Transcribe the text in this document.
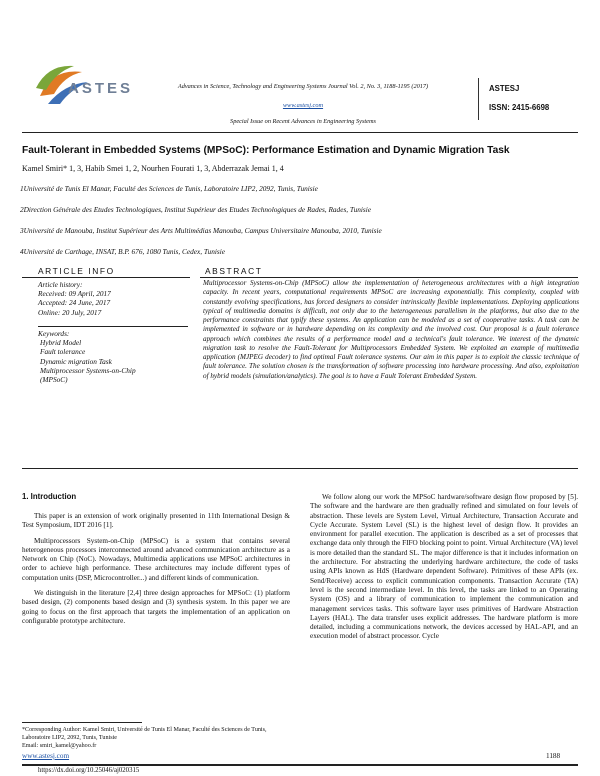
ASTES	Advances in Science, Technology and Engineering Systems Journal Vol. 2, No. 3, 1188-1195 (2017)
www.astesj.com
Special Issue on Recent Advances in Engineering Systems
ASTESJ
ISSN: 2415-6698
Fault-Tolerant in Embedded Systems (MPSoC): Performance Estimation and Dynamic Migration Task
Kamel Smiri* 1, 3, Habib Smei 1, 2, Nourhen Fourati 1, 3, Abderrazak Jemai 1, 4
1Université de Tunis El Manar, Faculté des Sciences de Tunis, Laboratoire LIP2, 2092, Tunis, Tunisie
2Direction Générale des Etudes Technologiques, Institut Supérieur des Etudes Technologiques de Rades, Rades, Tunisie
3Université de Manouba, Institut Supérieur des Arts Multimédias Manouba, Campus Universitaire Manouba, 2010, Tunisie
4Université de Carthage, INSAT, B.P. 676, 1080 Tunis, Cedex, Tunisie
ARTICLE INFO	ABSTRACT
Article history:
Received: 09 April, 2017
Accepted: 24 June, 2017
Online: 20 July, 2017
Keywords:
Hybrid Model
Fault tolerance
Dynamic migration Task
Multiprocessor Systems-on-Chip
(MPSoC)
Multiprocessor Systems-on-Chip (MPSoC) allow the implementation of heterogeneous architectures with a high integration capacity. In recent years, computational requirements MPSoC are increasing exponentially. This complexity, coupled with constantly evolving specifications, has forced designers to consider intrinsically flexible implementations. Deploying applications typical of multimedia domains is difficult, not only due to the heterogeneous parallelism in the platforms, but also due to the performance constraints that typify these systems. An application can be modeled as a set of cooperative tasks. A task can be implemented in software or in hardware depending on its complexity and the involved cost. Our proposal is a fault tolerance approach which combines the results of a performance model and a technical's fault tolerance. We interest of the dynamic migration task to resolve the Fault-Tolerant for Multiprocessors Embedded System. We exploited an example of multimedia application (MJPEG decoder) to find optimal Fault tolerance systems. Our aim in this paper is to exploit the classic technique of fault tolerance. The solution chosen is the transformation of software processing into hardware processing. And also, exploitation of hybrid models (simulation/analytics). The goal is to have a Fault Tolerant Embedded System.
1. Introduction

This paper is an extension of work originally presented in 11th International Design & Test Symposium, IDT 2016 [1].

Multiprocessors System-on-Chip (MPSoC) is a system that contains several heterogeneous processors interconnected around advanced communication architecture as a Network on Chip (NoC). Nowadays, Multimedia applications use MPSoC architectures in order to achieve high performance. These architectures may include different types of computation units (DSP, Microcontroller...) and different kinds of communication.

We distinguish in the literature [2,4] three design approaches for MPSoC: (1) platform based design, (2) components based design and (3) synthesis system. In this paper we are going to focus on the first approach that targets the implementation of an application on configurable prototype architecture.

We follow along our work the MPSoC hardware/software design flow proposed by [5]. The software and the hardware are then gradually refined and simulated on four levels of abstraction. These levels are System Level, Virtual Architecture, Transaction Accurate and Cycle Accurate. System Level (SL) is the highest level of design flow. It provides an environment for parallel execution. The application is described as a set of processes that exchange data only through the FIFO blocking point to point. Virtual Architecture (VA) level is more detailed than the standard SL. The major difference is that it includes information on the architecture. For abstracting the underlying hardware architecture, the code of tasks using APIs known as HdS (Hardware dependent Software). Primitives of these APIs (ex. Send/Receive) access to explicit communication components. Transaction Accurate (TA) level is the second intermediate level. In this level, the tasks are linked to an Operating System (OS) and a library of communication to implement the communication and management services tasks. This software layer uses primitives of Hardware Abstraction Layers (HAL). The data transfer uses explicit addresses. The hardware platform is more detailed, including a communications network, the devices accessed by HAL-API, and an execution model of abstract processor. Cycle

*Corresponding Author: Kamel Smiri, Université de Tunis El Manar, Faculté des Sciences de Tunis, Laboratoire LIP2, 2092, Tunis, Tunisie
Email: smiri_kamel@yahoo.fr
www.astesj.com	1188
https://dx.doi.org/10.25046/aj020315
